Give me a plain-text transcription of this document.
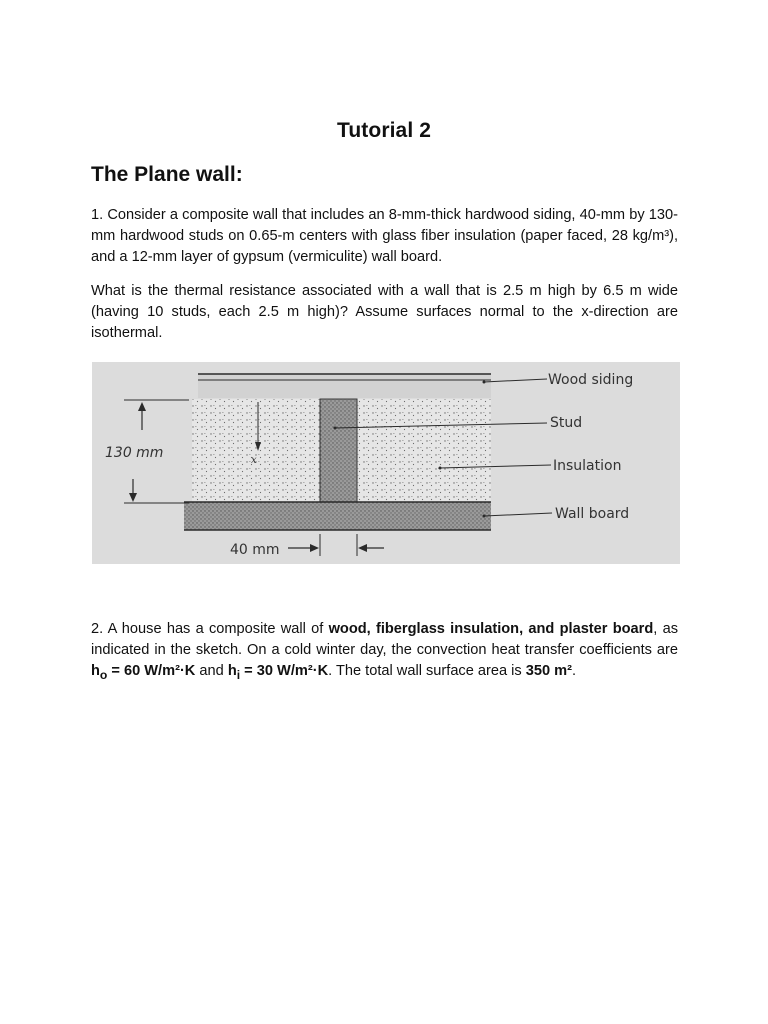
Tutorial 2
The Plane wall:
1. Consider a composite wall that includes an 8-mm-thick hardwood siding, 40-mm by 130-mm hardwood studs on 0.65-m centers with glass fiber insulation (paper faced, 28 kg/m³), and a 12-mm layer of gypsum (vermiculite) wall board.
What is the thermal resistance associated with a wall that is 2.5 m high by 6.5 m wide (having 10 studs, each 2.5 m high)? Assume surfaces normal to the x-direction are isothermal.
130 mm	x
40 mm
Wood siding
Stud
Insulation
Wall board
2. A house has a composite wall of wood, fiberglass insulation, and plaster board, as indicated in the sketch. On a cold winter day, the convection heat transfer coefficients are $h_o = 60$ W/m²·K and $h_i = 30$ W/m²·K. The total wall surface area is 350 m².
